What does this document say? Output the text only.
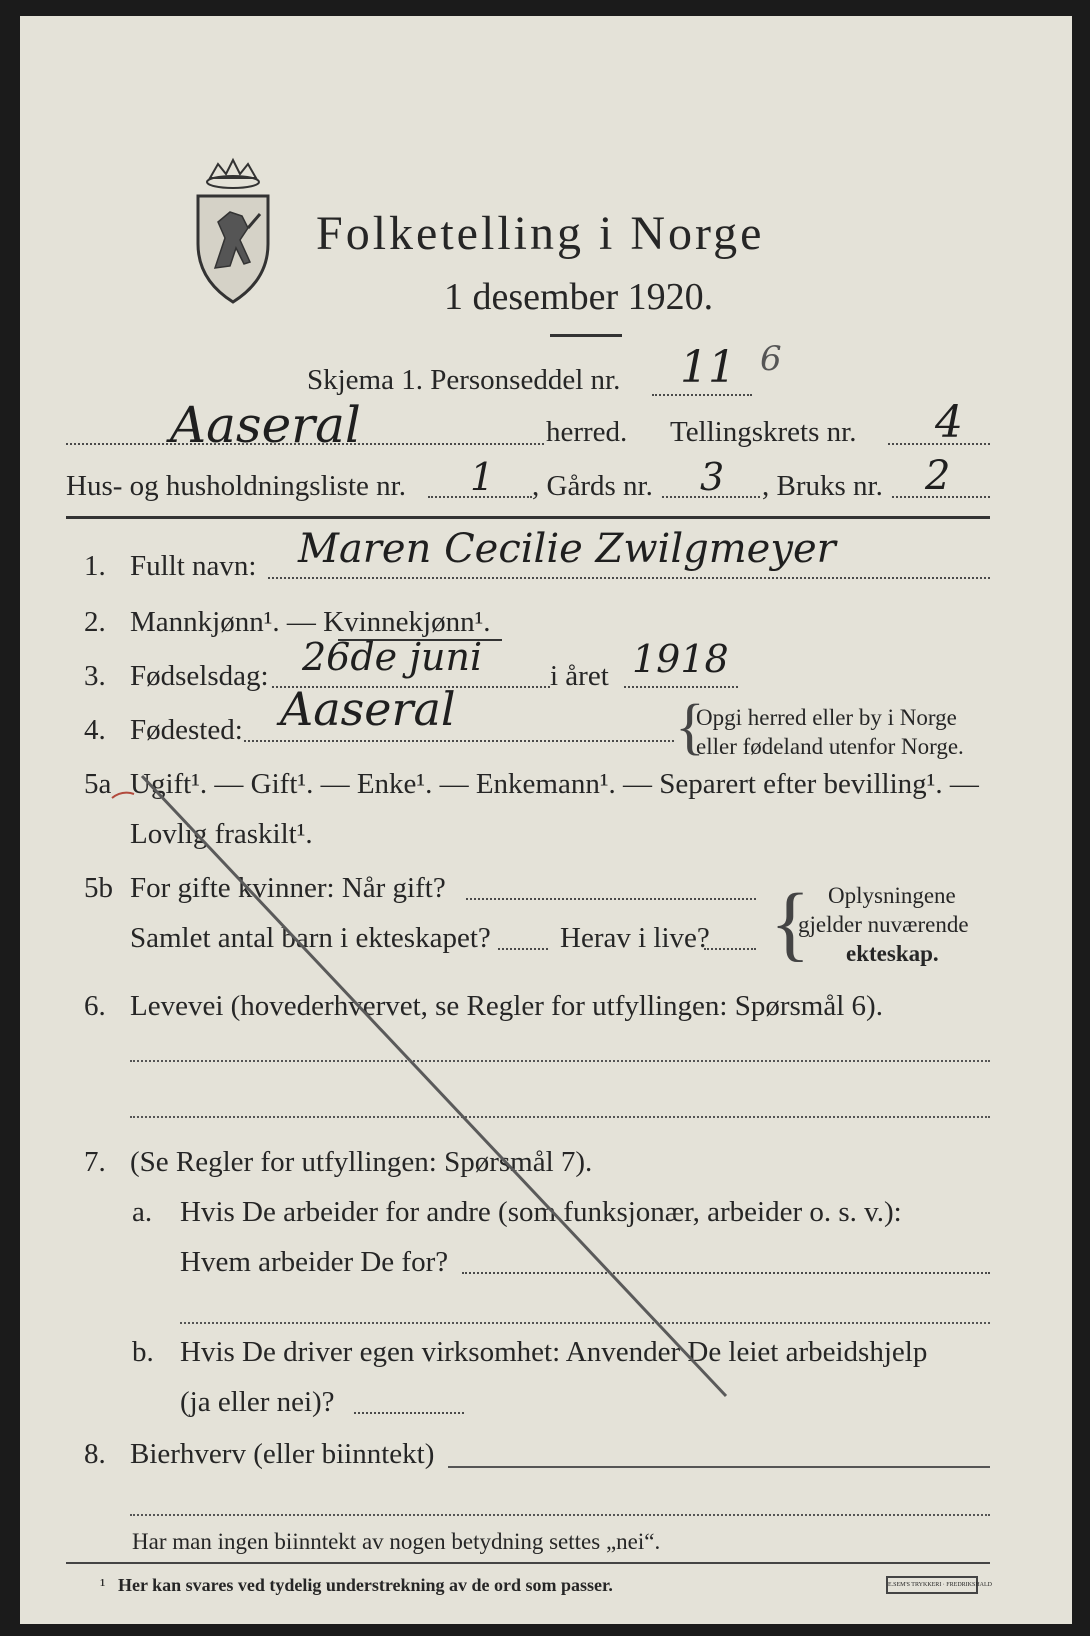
Folketelling i Norge
1 desember 1920.
Skjema 1. Personseddel nr. 11 6
Aaseral	herred. Tellingskrets nr. 4
Hus- og husholdningsliste nr. 1 , Gårds nr. 3 , Bruks nr. 2
1. Fullt navn: Maren Cecilie Zwilgmeyer
2. Mannkjønn¹. — Kvinnekjønn¹.
3. Fødselsdag: 26de juni i året 1918
4. Fødested: Aaseral	{
Opgi herred eller by i Norge
eller fødeland utenfor Norge.
5a Ugift¹. — Gift¹. — Enke¹. — Enkemann¹. — Separert efter bevilling¹. —
Lovlig fraskilt¹.
5b For gifte kvinner: Når gift?
Samlet antal barn i ekteskapet? Herav i live? { Oplysningene
gjelder nuværende
ekteskap.
6. Levevei (hovederhvervet, se Regler for utfyllingen: Spørsmål 6).
7. (Se Regler for utfyllingen: Spørsmål 7).
a. Hvis De arbeider for andre (som funksjonær, arbeider o. s. v.):
Hvem arbeider De for?
b. Hvis De driver egen virksomhet: Anvender De leiet arbeidshjelp
(ja eller nei)?
8. Bierhverv (eller biinntekt)
Har man ingen biinntekt av nogen betydning settes „nei“.
¹ Her kan svares ved tydelig understrekning av de ord som passer.	E.SEM'S TRYKKERI · FREDRIKSHALD
